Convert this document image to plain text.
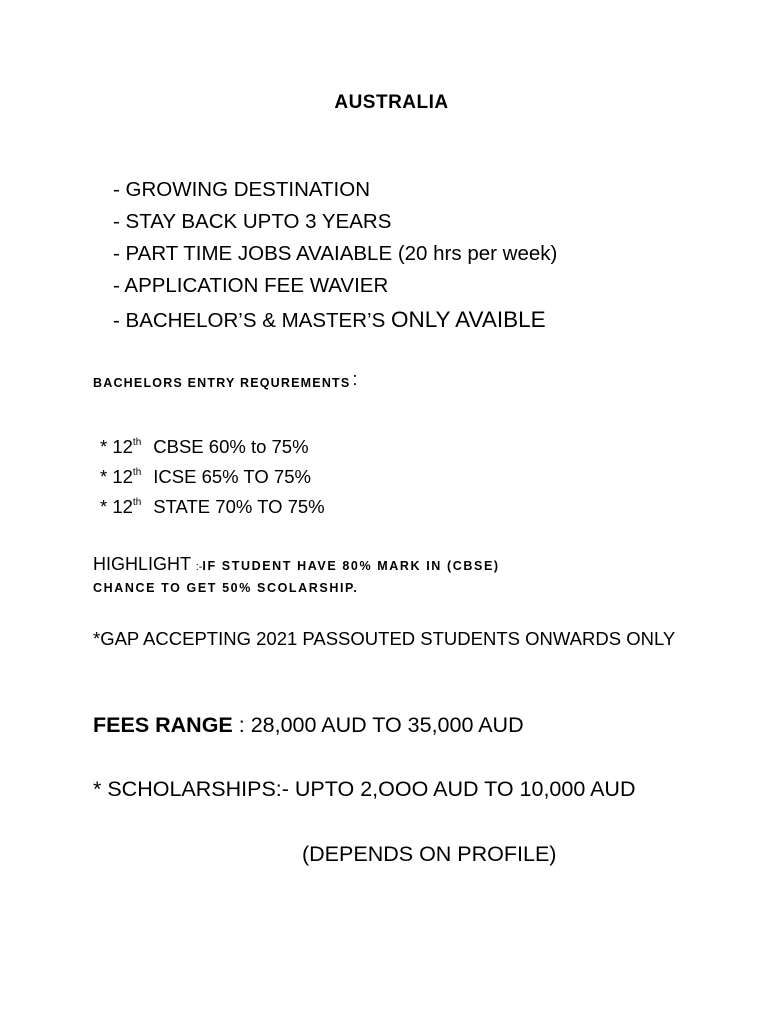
AUSTRALIA
- GROWING DESTINATION
- STAY BACK UPTO 3 YEARS
- PART TIME JOBS AVAIABLE (20 hrs per week)
- APPLICATION FEE WAVIER
- BACHELOR’S & MASTER’S ONLY AVAIBLE
BACHELORS ENTRY REQUREMENTS :
* 12th CBSE 60% to 75%
* 12th ICSE 65% TO 75%
* 12th STATE 70% TO 75%
HIGHLIGHT :-IF STUDENT HAVE 80% MARK IN (CBSE)
CHANCE TO GET 50% SCOLARSHIP.
*GAP ACCEPTING 2021 PASSOUTED STUDENTS ONWARDS ONLY
FEES RANGE : 28,000 AUD TO 35,000 AUD
* SCHOLARSHIPS:- UPTO 2,OOO AUD TO 10,000 AUD
(DEPENDS ON PROFILE)
